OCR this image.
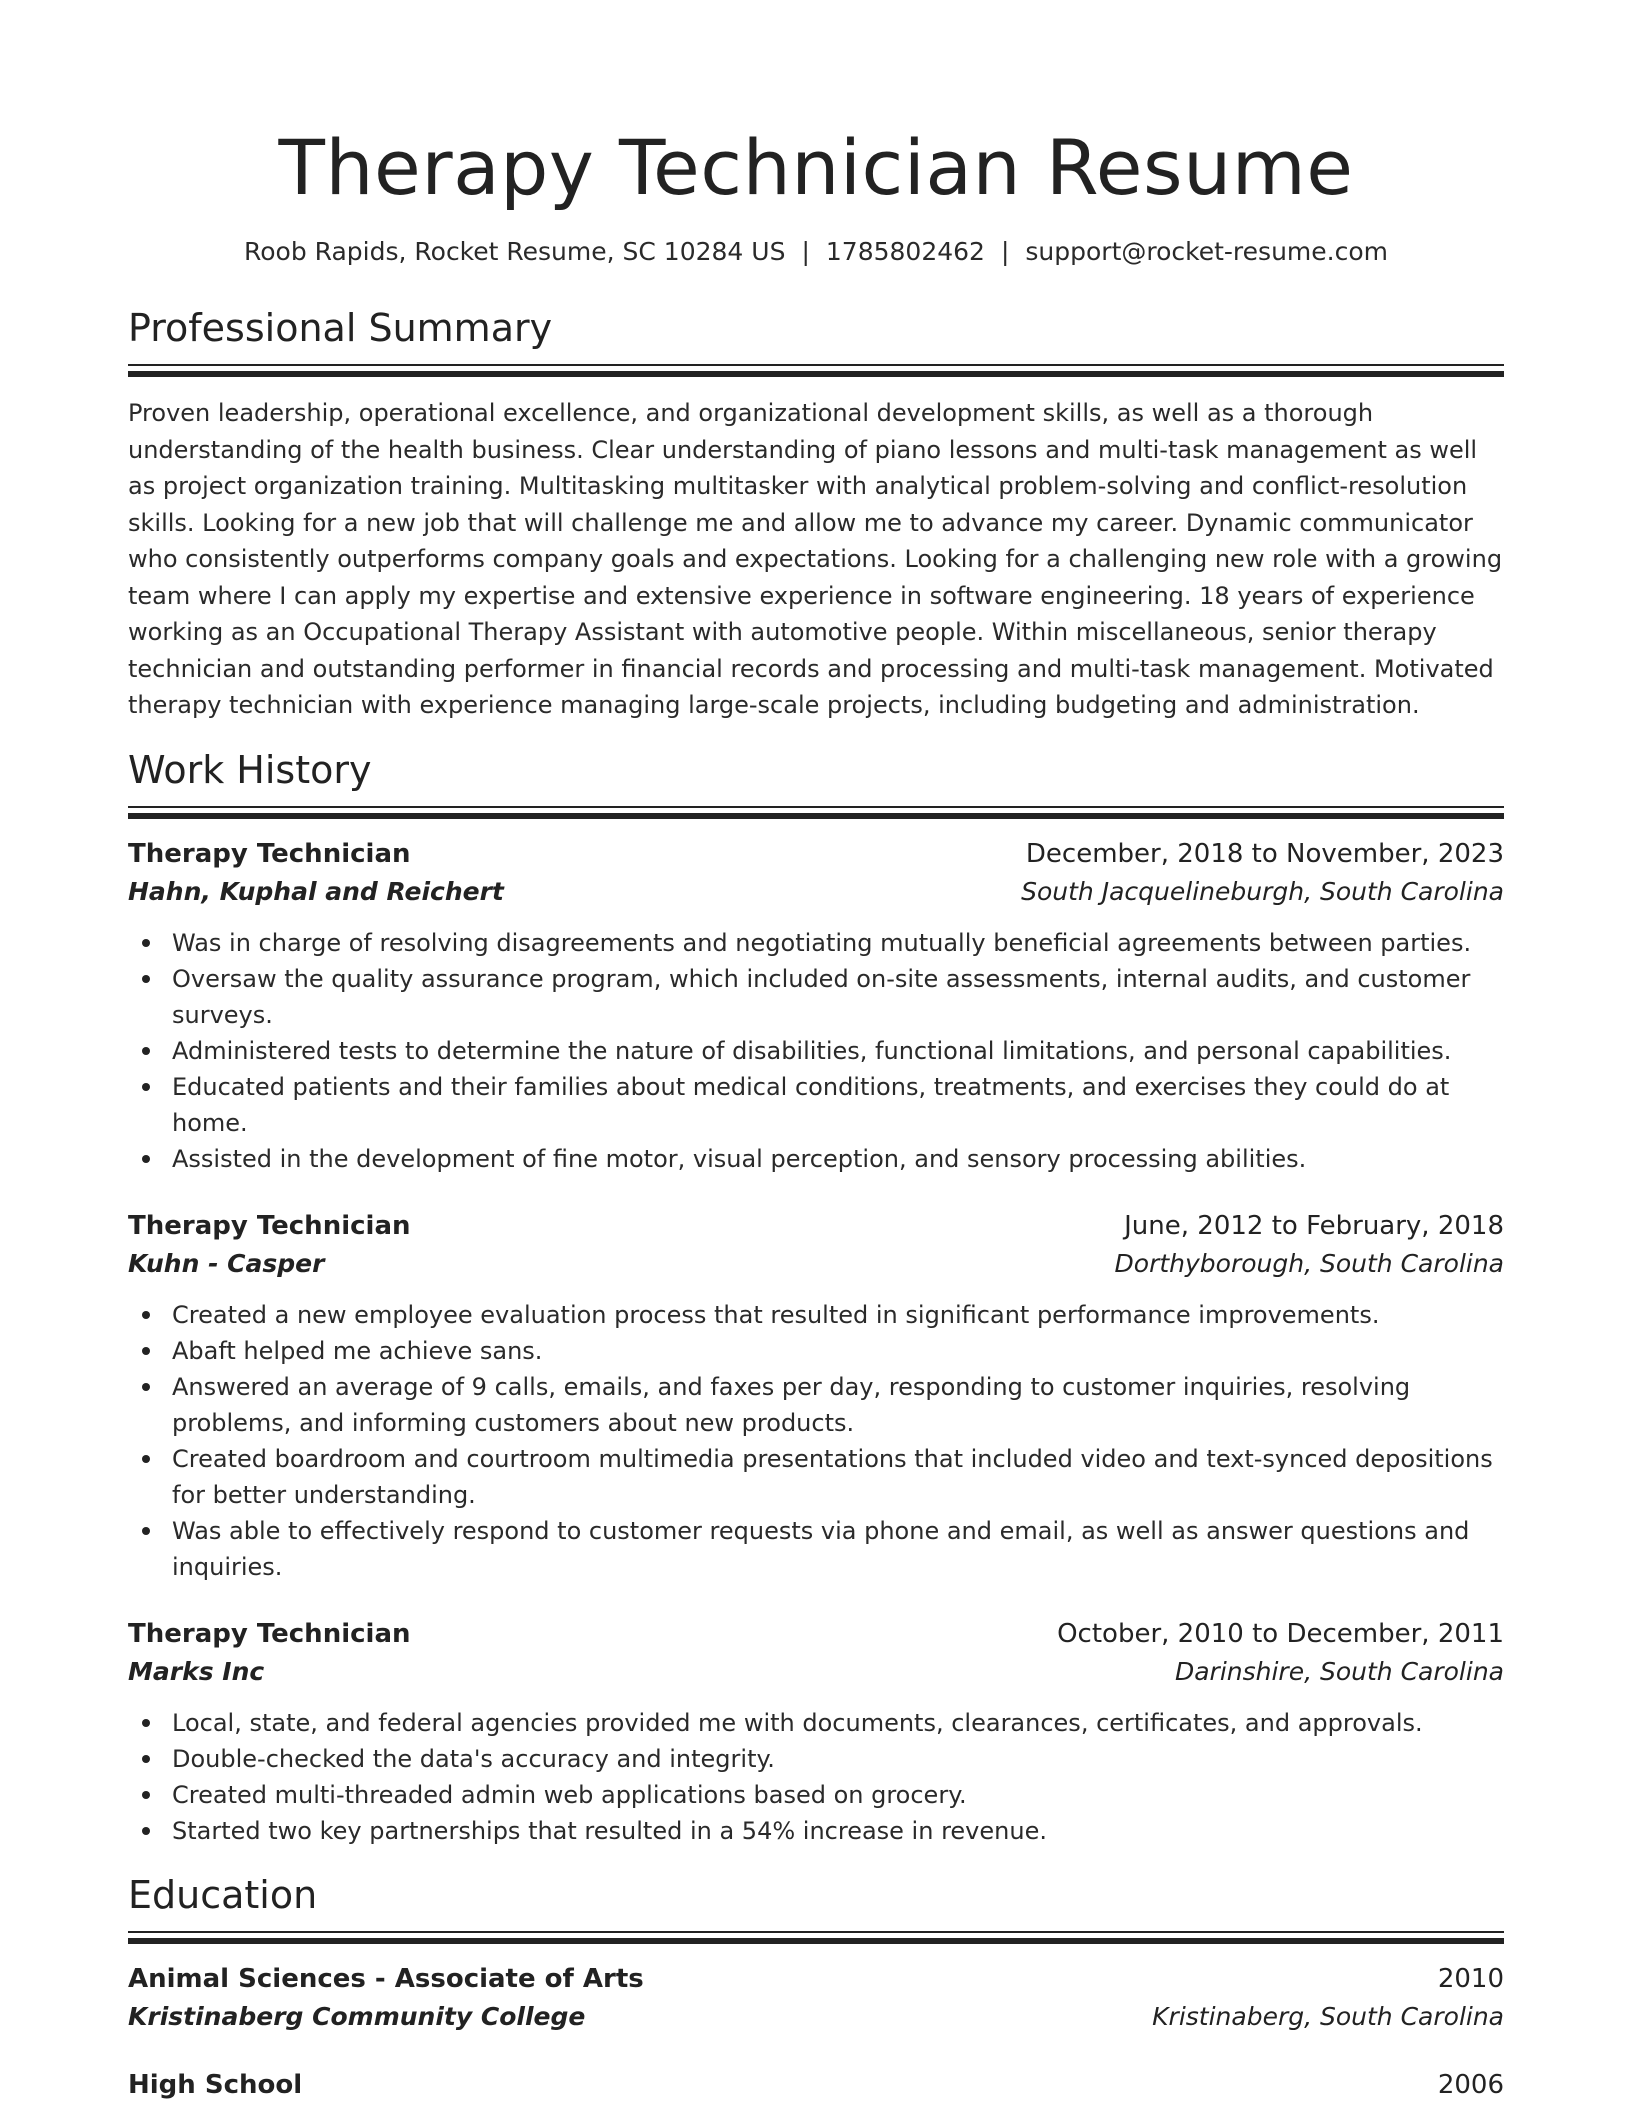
Therapy Technician Resume
Roob Rapids, Rocket Resume, SC 10284 US | 1785802462 | support@rocket-resume.com
Professional Summary

Proven leadership, operational excellence, and organizational development skills, as well as a thorough understanding of the health business. Clear understanding of piano lessons and multi-task management as well as project organization training. Multitasking multitasker with analytical problem-solving and conflict-resolution skills. Looking for a new job that will challenge me and allow me to advance my career. Dynamic communicator who consistently outperforms company goals and expectations. Looking for a challenging new role with a growing team where I can apply my expertise and extensive experience in software engineering. 18 years of experience working as an Occupational Therapy Assistant with automotive people. Within miscellaneous, senior therapy technician and outstanding performer in financial records and processing and multi-task management. Motivated therapy technician with experience managing large-scale projects, including budgeting and administration.

Work History
Therapy Technician	December, 2018 to November, 2023
Hahn, Kuphal and Reichert	South Jacquelineburgh, South Carolina
Was in charge of resolving disagreements and negotiating mutually beneficial agreements between parties.
Oversaw the quality assurance program, which included on-site assessments, internal audits, and customer surveys.
Administered tests to determine the nature of disabilities, functional limitations, and personal capabilities.
Educated patients and their families about medical conditions, treatments, and exercises they could do at home.
Assisted in the development of fine motor, visual perception, and sensory processing abilities.
Therapy Technician	June, 2012 to February, 2018
Kuhn - Casper	Dorthyborough, South Carolina
Created a new employee evaluation process that resulted in significant performance improvements.
Abaft helped me achieve sans.
Answered an average of 9 calls, emails, and faxes per day, responding to customer inquiries, resolving problems, and informing customers about new products.
Created boardroom and courtroom multimedia presentations that included video and text-synced depositions for better understanding.
Was able to effectively respond to customer requests via phone and email, as well as answer questions and inquiries.
Therapy Technician	October, 2010 to December, 2011
Marks Inc	Darinshire, South Carolina
Local, state, and federal agencies provided me with documents, clearances, certificates, and approvals.
Double-checked the data's accuracy and integrity.
Created multi-threaded admin web applications based on grocery.
Started two key partnerships that resulted in a 54% increase in revenue.
Education
Animal Sciences - Associate of Arts	2010
Kristinaberg Community College	Kristinaberg, South Carolina
High School	2006
